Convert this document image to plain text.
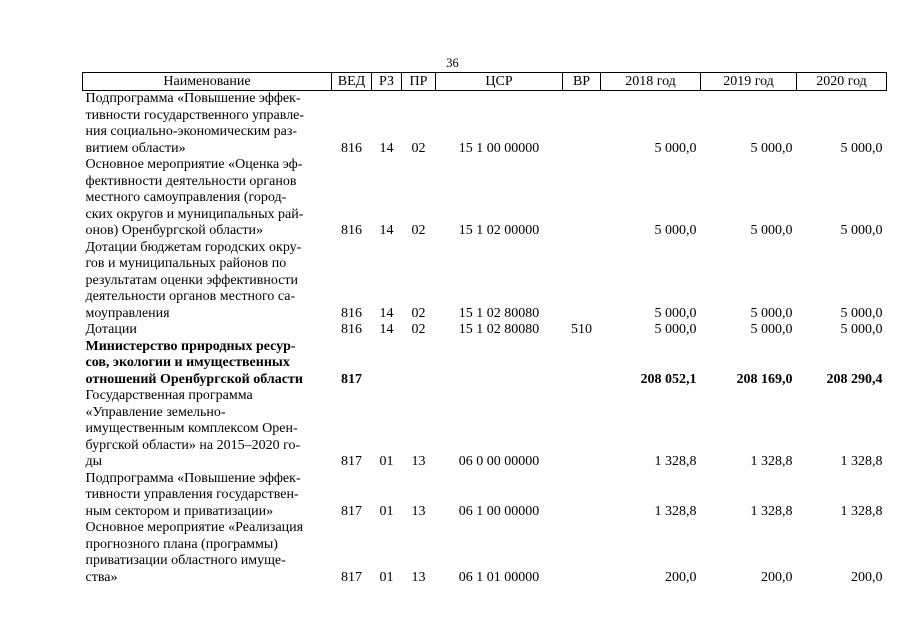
36
Наименование	ВЕД	РЗ	ПР	ЦСР	ВР	2018 год	2019 год	2020 год

Подпрограмма «Повышение эффек-
тивности государственного управле-
ния социально-экономическим раз-
витием области»	816	14	02	15 1 00 00000		5 000,0	5 000,0	5 000,0

Основное мероприятие «Оценка эф-
фективности деятельности органов
местного самоуправления (город-
ских округов и муниципальных рай-
онов) Оренбургской области»	816	14	02	15 1 02 00000		5 000,0	5 000,0	5 000,0

Дотации бюджетам городских окру-
гов и муниципальных районов по
результатам оценки эффективности
деятельности органов местного са-
моуправления	816	14	02	15 1 02 80080		5 000,0	5 000,0	5 000,0

Дотации	816	14	02	15 1 02 80080	510	5 000,0	5 000,0	5 000,0

Министерство природных ресур-
сов, экологии и имущественных
отношений Оренбургской области	817					208 052,1	208 169,0	208 290,4

Государственная программа
«Управление земельно-
имущественным комплексом Орен-
бургской области» на 2015–2020 го-
ды	817	01	13	06 0 00 00000		1 328,8	1 328,8	1 328,8

Подпрограмма «Повышение эффек-
тивности управления государствен-
ным сектором и приватизации»	817	01	13	06 1 00 00000		1 328,8	1 328,8	1 328,8

Основное мероприятие «Реализация
прогнозного плана (программы)
приватизации областного имуще-
ства»	817	01	13	06 1 01 00000		200,0	200,0	200,0
